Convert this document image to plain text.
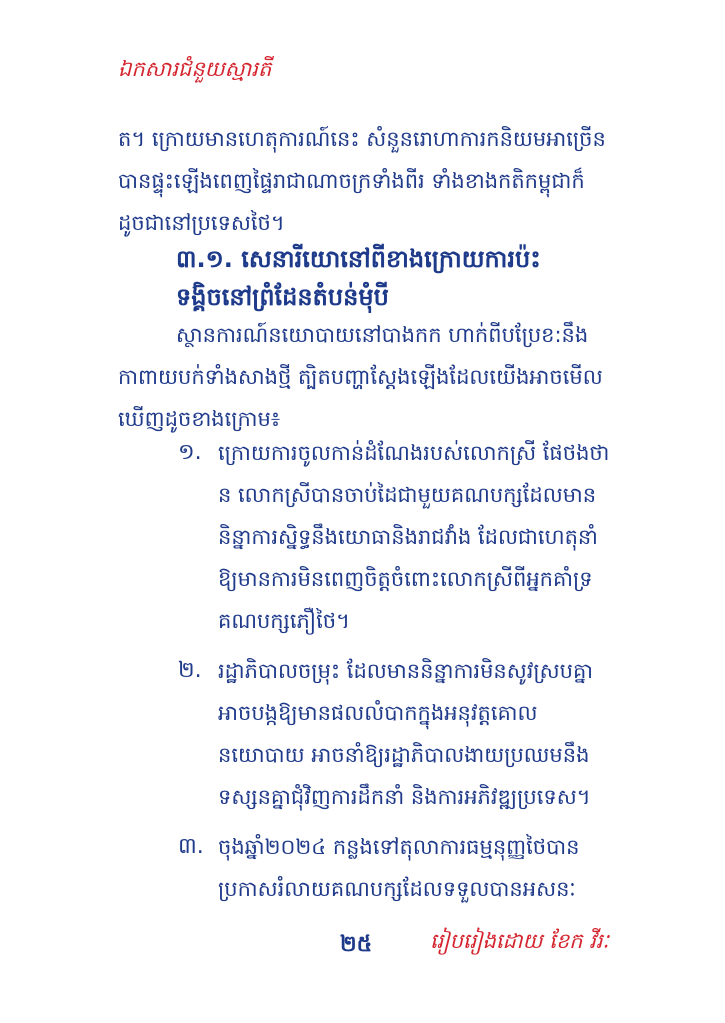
ឯកសារជំនួយស្មារតី
ត។ ក្រោយមានហេតុការណ៍នេះ សំនួនរោហាការកនិយមអាច្រើន បានផ្ទុះឡើងពេញផ្ទៃរាជាណាចក្រទាំងពីរ ទាំងខាងកតិកម្ពុជាក៏ ដូចជានៅប្រទេសថៃ។
៣.១. សេនារីយោនៅពីខាងក្រោយការប៉ះ
ទង្គិចនៅព្រំដែនតំបន់មុំបី
ស្ថានការណ៍នយោបាយនៅបាងកក ហាក់ពីបប្រែខ:នឹង កាពាយបក់ទាំងសាងថ្មី ត្បិតបញ្ហាស្តែងឡើងដែលយើងអាចមើល ឃើញដូចខាងក្រោម៖
១. ក្រោយការចូលកាន់ដំណែងរបស់លោកស្រី ផែថងថា ន លោកស្រីបានចាប់ដៃជាមួយគណបក្សដែលមាន និន្នាការស្និទ្ធនឹងយោធានិងរាជវាំង ដែលជាហេតុនាំ ឱ្យមានការមិនពេញចិត្តចំពោះលោកស្រីពីអ្នកគាំទ្រ គណបក្សភឿថៃ។
២. រដ្ឋាភិបាលចម្រុះ ដែលមាននិន្នាការមិនសូវស្របគ្នា អាចបង្កឱ្យមានផលលំបាកក្នុងអនុវត្តគោល នយោបាយ អាចនាំឱ្យរដ្ឋាភិបាលងាយប្រឈមនឹង ទស្សនគ្នាជុំវិញការដឹកនាំ និងការអភិវឌ្ឍប្រទេស។
៣. ចុងឆ្នាំ២០២៤ កន្លងទៅតុលាការធម្មនុញ្ញថៃបាន ប្រកាសរំលាយគណបក្សដែលទទួលបានអសនៈ
២៥	រៀបរៀងដោយ ខែក វីរៈ
